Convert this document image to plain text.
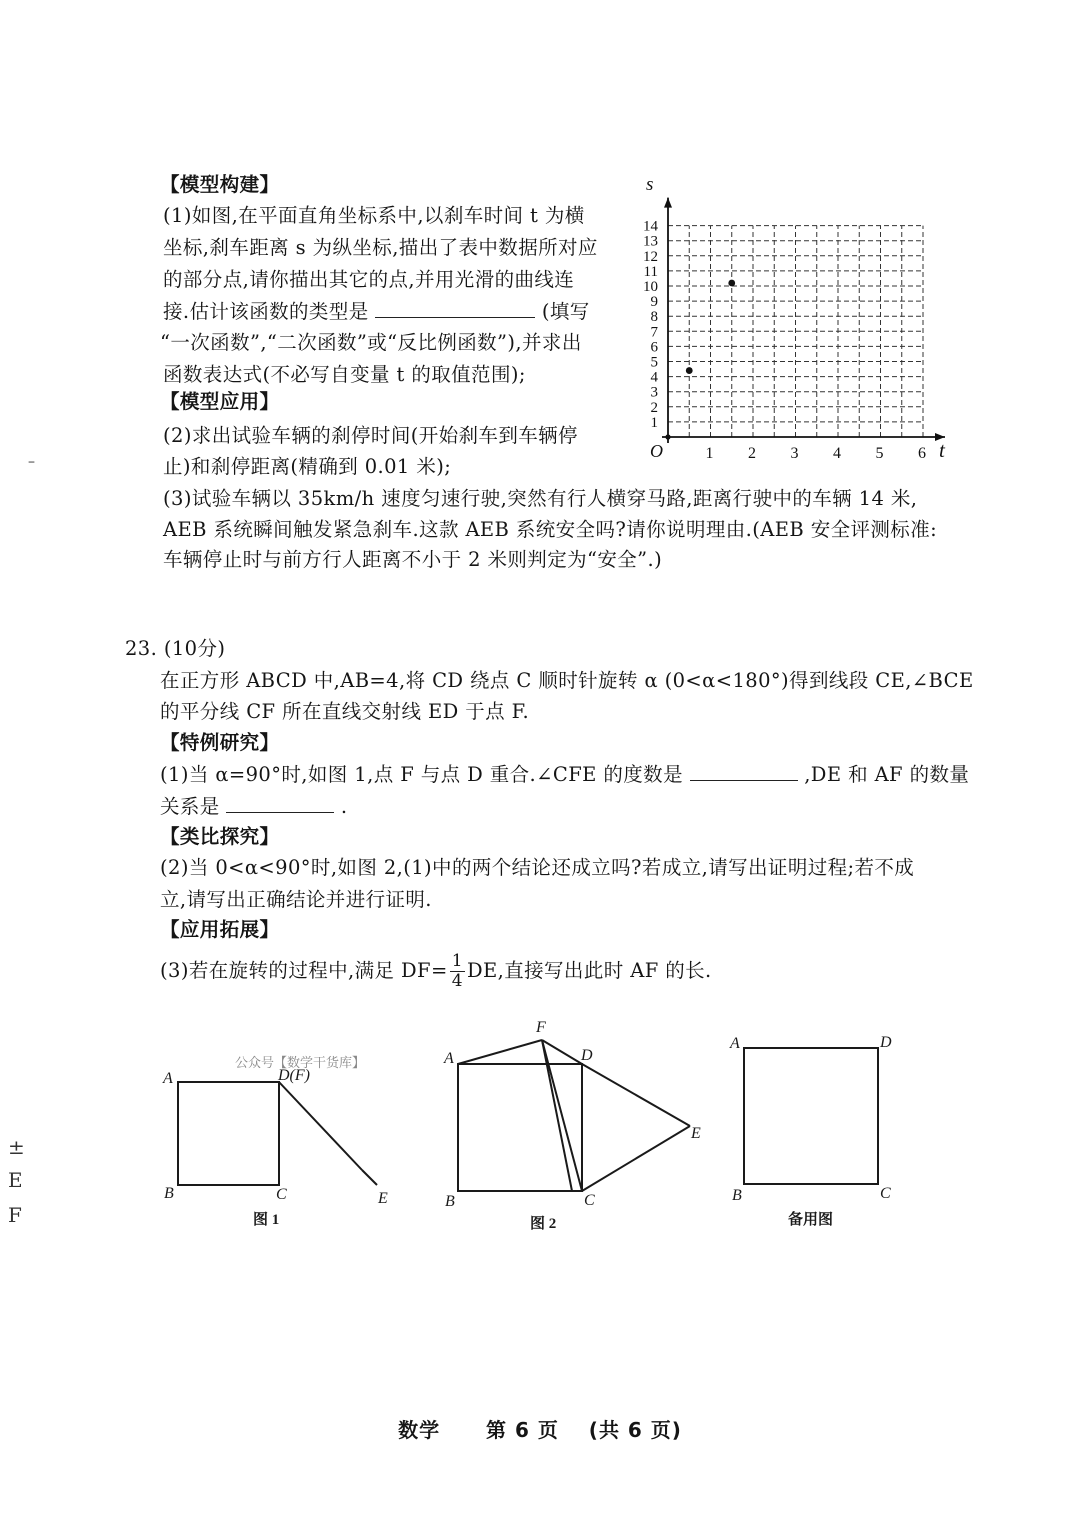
【模型构建】
(1)如图,在平面直角坐标系中,以刹车时间 t 为横
坐标,刹车距离 s 为纵坐标,描出了表中数据所对应
的部分点,请你描出其它的点,并用光滑的曲线连
接.估计该函数的类型是	(填写
“一次函数”,“二次函数”或“反比例函数”),并求出
函数表达式(不必写自变量 t 的取值范围);
【模型应用】
(2)求出试验车辆的刹停时间(开始刹车到车辆停
止)和刹停距离(精确到 0.01 米);
(3)试验车辆以 35km/h 速度匀速行驶,突然有行人横穿马路,距离行驶中的车辆 14 米,
AEB 系统瞬间触发紧急刹车.这款 AEB 系统安全吗?请你说明理由.(AEB 安全评测标准:
车辆停止时与前方行人距离不小于 2 米则判定为“安全”.)
s
t
O	1 2 3 4 5 6
1
2
3
4
5
6
7
8
9
10
11
12
13
14
23. (10分)
在正方形 ABCD 中,AB=4,将 CD 绕点 C 顺时针旋转 α (0<α<180°)得到线段 CE,∠BCE
的平分线 CF 所在直线交射线 ED 于点 F.
【特例研究】
(1)当 α=90°时,如图 1,点 F 与点 D 重合.∠CFE 的度数是	,DE 和 AF 的数量
关系是	.
【类比探究】
(2)当 0<α<90°时,如图 2,(1)中的两个结论还成立吗?若成立,请写出证明过程;若不成
立,请写出正确结论并进行证明.
【应用拓展】
(3)若在旋转的过程中,满足 $DF= \frac{1}{4}$ DE,直接写出此时 AF 的长.
公众号【数学干货库】
A	D(F)
B	C	E
图 1
F
A	D
E
B	C
图 2
A	D
B	C
备用图
–
±
E
F
数学 第 6 页 (共 6 页)
